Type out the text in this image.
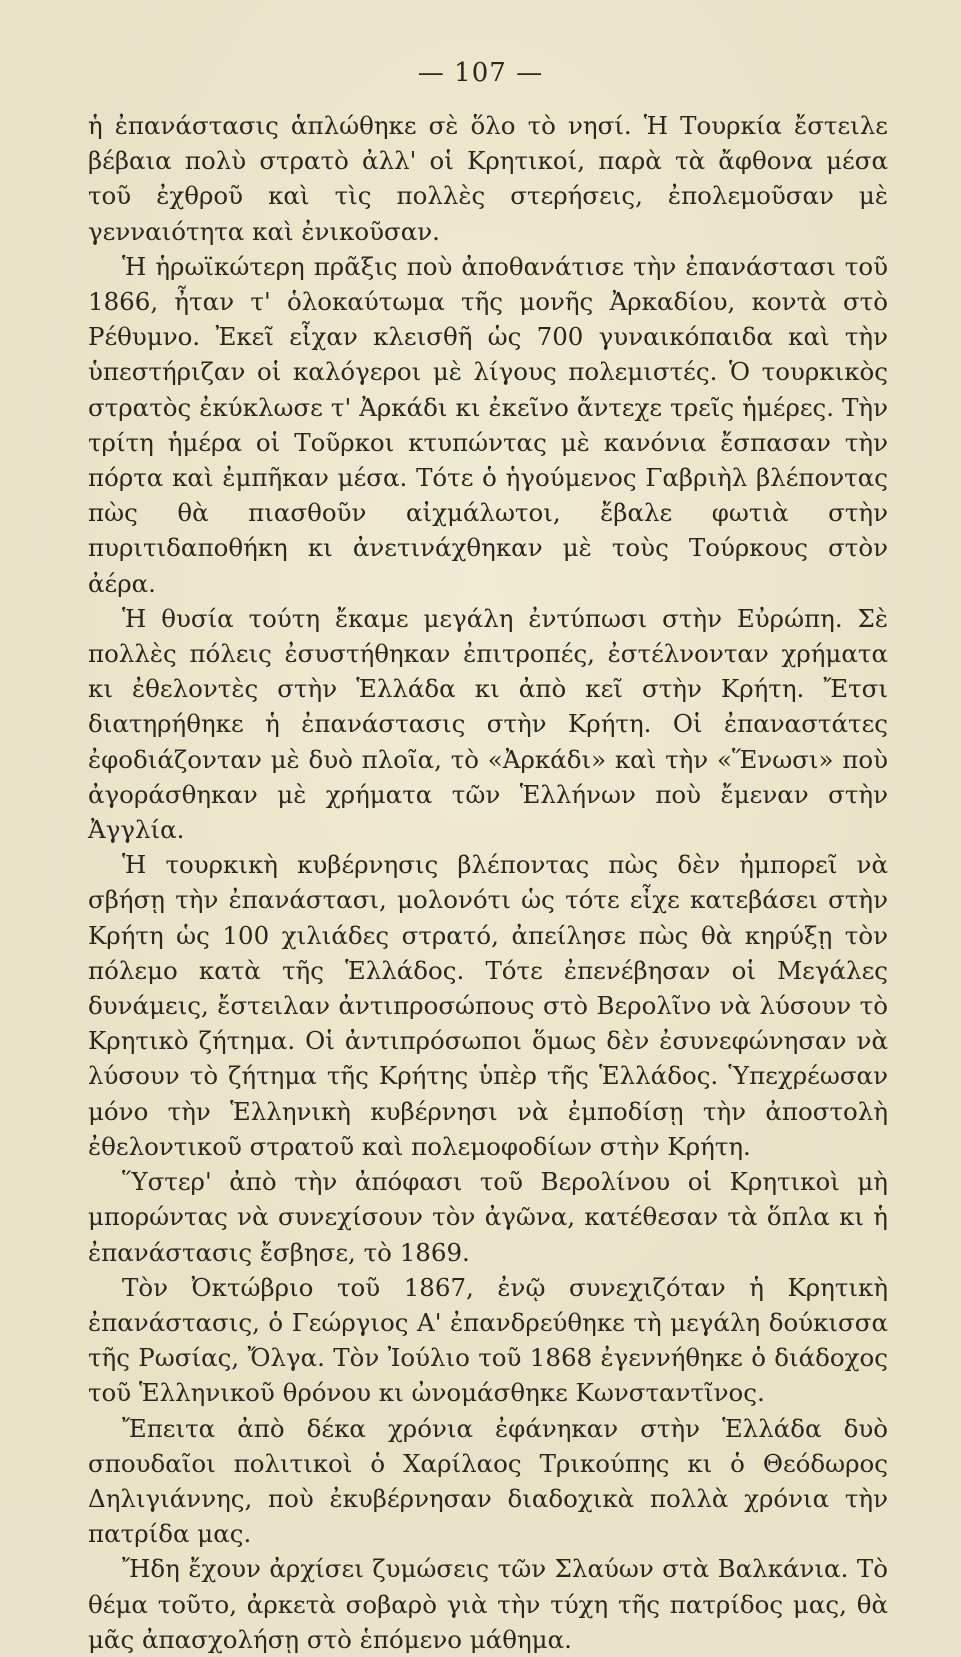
— 107 —

ἡ ἐπανάστασις ἁπλώθηκε σὲ ὅλο τὸ νησί. Ἡ Τουρκία ἔστειλε βέβαια πολὺ στρατὸ ἀλλ' οἱ Κρητικοί, παρὰ τὰ ἄφθονα μέσα τοῦ ἐχθροῦ καὶ τὶς πολλὲς στερήσεις, ἐπολεμοῦσαν μὲ γενναιότητα καὶ ἐνικοῦσαν.

Ἡ ἡρωϊκώτερη πρᾶξις ποὺ ἀποθανάτισε τὴν ἐπανάστασι τοῦ 1866, ἦταν τ' ὁλοκαύτωμα τῆς μονῆς Ἀρκαδίου, κοντὰ στὸ Ρέθυμνο. Ἐκεῖ εἶχαν κλεισθῆ ὡς 700 γυναικόπαιδα καὶ τὴν ὑπεστήριζαν οἱ καλόγεροι μὲ λίγους πολεμιστές. Ὁ τουρκικὸς στρατὸς ἐκύκλωσε τ' Ἀρκάδι κι ἐκεῖνο ἄντεχε τρεῖς ἡμέρες. Τὴν τρίτη ἡμέρα οἱ Τοῦρκοι κτυπώντας μὲ κανόνια ἔσπασαν τὴν πόρτα καὶ ἐμπῆκαν μέσα. Τότε ὁ ἡγούμενος Γαβριὴλ βλέποντας πὼς θὰ πιασθοῦν αἰχμάλωτοι, ἔβαλε φωτιὰ στὴν πυριτιδαποθήκη κι ἀνετινάχθηκαν μὲ τοὺς Τούρκους στὸν ἀέρα.

Ἡ θυσία τούτη ἔκαμε μεγάλη ἐντύπωσι στὴν Εὐρώπη. Σὲ πολλὲς πόλεις ἐσυστήθηκαν ἐπιτροπές, ἐστέλνονταν χρήματα κι ἐθελοντὲς στὴν Ἑλλάδα κι ἀπὸ κεῖ στὴν Κρήτη. Ἔτσι διατηρήθηκε ἡ ἐπανάστασις στὴν Κρήτη. Οἱ ἐπαναστάτες ἐφοδιάζονταν μὲ δυὸ πλοῖα, τὸ «Ἀρκάδι» καὶ τὴν «Ἕνωσι» ποὺ ἀγοράσθηκαν μὲ χρήματα τῶν Ἑλλήνων ποὺ ἔμεναν στὴν Ἀγγλία.

Ἡ τουρκικὴ κυβέρνησις βλέποντας πὼς δὲν ἠμπορεῖ νὰ σβήσῃ τὴν ἐπανάστασι, μολονότι ὡς τότε εἶχε κατεβάσει στὴν Κρήτη ὡς 100 χιλιάδες στρατό, ἀπείλησε πὼς θὰ κηρύξῃ τὸν πόλεμο κατὰ τῆς Ἑλλάδος. Τότε ἐπενέβησαν οἱ Μεγάλες δυνάμεις, ἔστειλαν ἀντιπροσώπους στὸ Βερολῖνο νὰ λύσουν τὸ Κρητικὸ ζήτημα. Οἱ ἀντιπρόσωποι ὅμως δὲν ἐσυνεφώνησαν νὰ λύσουν τὸ ζήτημα τῆς Κρήτης ὑπὲρ τῆς Ἑλλάδος. Ὑπεχρέωσαν μόνο τὴν Ἑλληνικὴ κυβέρνησι νὰ ἐμποδίσῃ τὴν ἀποστολὴ ἐθελοντικοῦ στρατοῦ καὶ πολεμοφοδίων στὴν Κρήτη.

Ὕστερ' ἀπὸ τὴν ἀπόφασι τοῦ Βερολίνου οἱ Κρητικοὶ μὴ μπορώντας νὰ συνεχίσουν τὸν ἀγῶνα, κατέθεσαν τὰ ὅπλα κι ἡ ἐπανάστασις ἔσβησε, τὸ 1869.

Τὸν Ὀκτώβριο τοῦ 1867, ἐνῷ συνεχιζόταν ἡ Κρητικὴ ἐπανάστασις, ὁ Γεώργιος Α' ἐπανδρεύθηκε τὴ μεγάλη δούκισσα τῆς Ρωσίας, Ὄλγα. Τὸν Ἰούλιο τοῦ 1868 ἐγεννήθηκε ὁ διάδοχος τοῦ Ἑλληνικοῦ θρόνου κι ὠνομάσθηκε Κωνσταντῖνος.

Ἔπειτα ἀπὸ δέκα χρόνια ἐφάνηκαν στὴν Ἑλλάδα δυὸ σπουδαῖοι πολιτικοὶ ὁ Χαρίλαος Τρικούπης κι ὁ Θεόδωρος Δηλιγιάννης, ποὺ ἐκυβέρνησαν διαδοχικὰ πολλὰ χρόνια τὴν πατρίδα μας.

Ἤδη ἔχουν ἀρχίσει ζυμώσεις τῶν Σλαύων στὰ Βαλκάνια. Τὸ θέμα τοῦτο, ἀρκετὰ σοβαρὸ γιὰ τὴν τύχη τῆς πατρίδος μας, θὰ μᾶς ἀπασχολήσῃ στὸ ἑπόμενο μάθημα.
